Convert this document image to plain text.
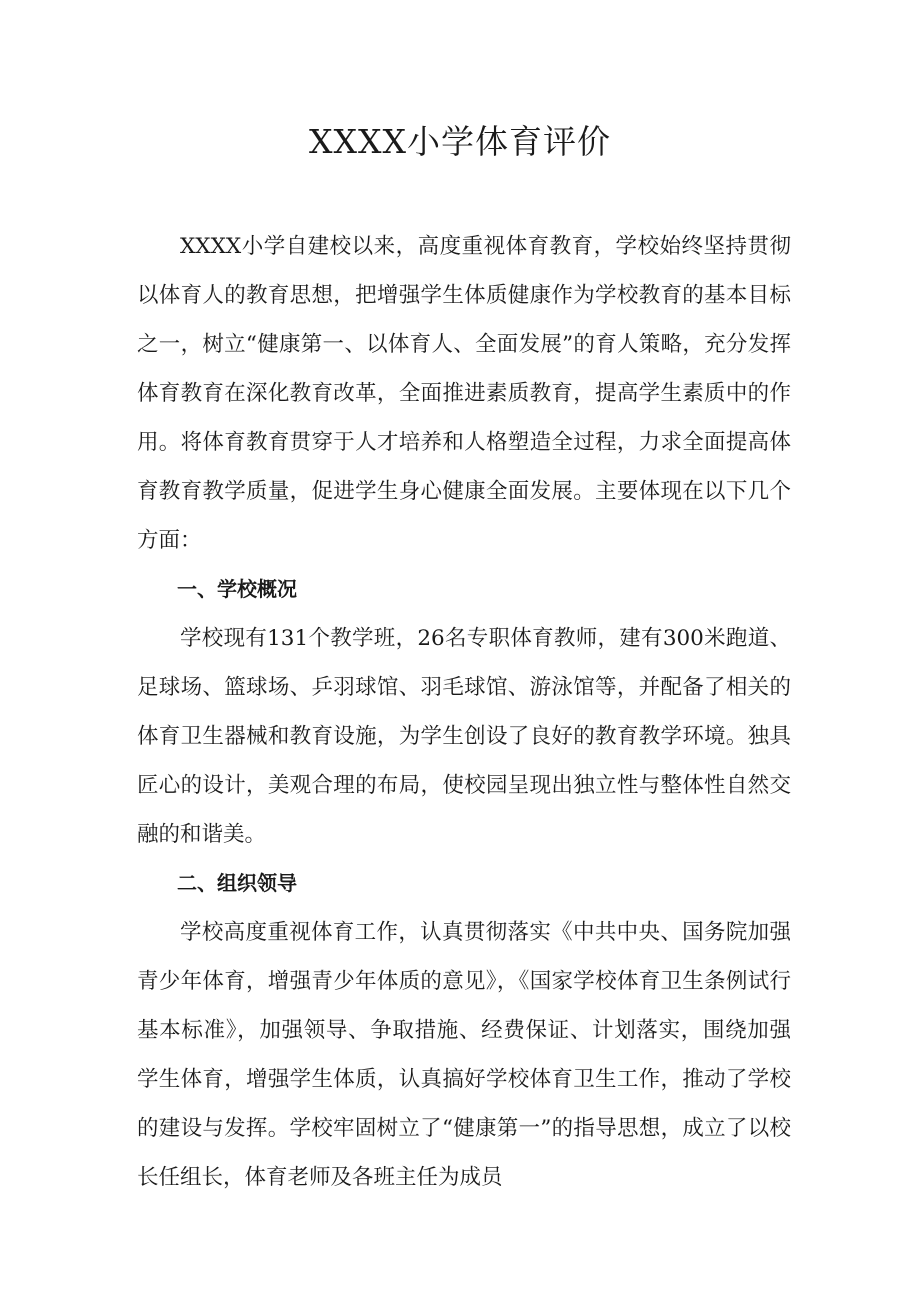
XXXX小学体育评价

XXXX小学自建校以来，高度重视体育教育，学校始终坚持贯彻以体育人的教育思想，把增强学生体质健康作为学校教育的基本目标之一，树立“健康第一、以体育人、全面发展”的育人策略，充分发挥体育教育在深化教育改革，全面推进素质教育，提高学生素质中的作用。将体育教育贯穿于人才培养和人格塑造全过程，力求全面提高体育教育教学质量，促进学生身心健康全面发展。主要体现在以下几个方面：

一、学校概况

学校现有131个教学班，26名专职体育教师，建有300米跑道、足球场、篮球场、乒羽球馆、羽毛球馆、游泳馆等，并配备了相关的体育卫生器械和教育设施，为学生创设了良好的教育教学环境。独具匠心的设计，美观合理的布局，使校园呈现出独立性与整体性自然交融的和谐美。

二、组织领导

学校高度重视体育工作，认真贯彻落实《中共中央、国务院加强青少年体育，增强青少年体质的意见》，《国家学校体育卫生条例试行基本标准》，加强领导、争取措施、经费保证、计划落实，围绕加强学生体育，增强学生体质，认真搞好学校体育卫生工作，推动了学校的建设与发挥。学校牢固树立了“健康第一”的指导思想，成立了以校长任组长，体育老师及各班主任为成员
